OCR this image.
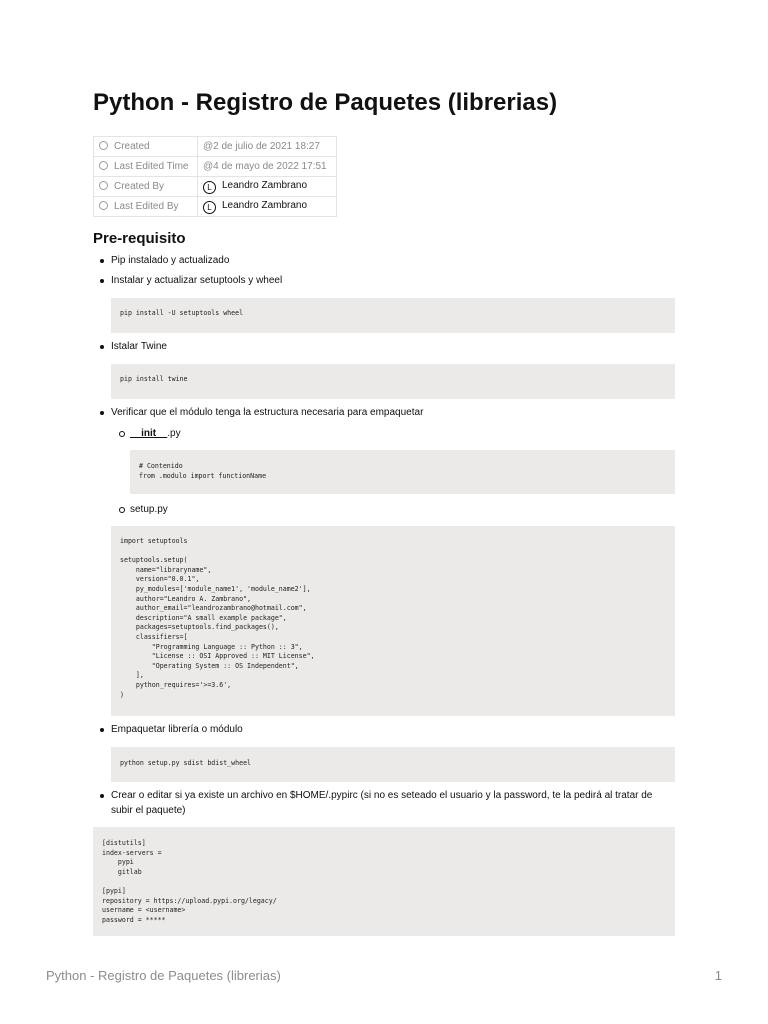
Python - Registro de Paquetes (librerias)
Created	@2 de julio de 2021 18:27
Last Edited Time	@4 de mayo de 2022 17:51
Created By	L Leandro Zambrano
Last Edited By	L Leandro Zambrano
Pre-requisito
Pip instalado y actualizado
Instalar y actualizar setuptools y wheel
pip install -U setuptools wheel
Istalar Twine
pip install twine
Verificar que el módulo tenga la estructura necesaria para empaquetar
__init__.py
# Contenido
from .modulo import functionName
setup.py
import setuptools

setuptools.setup(
name="libraryname",
version="0.0.1",
py_modules=['module_name1', 'module_name2'],
author="Leandro A. Zambrano",
author_email="leandrozambrano@hotmail.com",
description="A small example package",
packages=setuptools.find_packages(),
classifiers=[
"Programming Language :: Python :: 3",
"License :: OSI Approved :: MIT License",
"Operating System :: OS Independent",
],
python_requires='>=3.6',
)
Empaquetar librería o módulo
python setup.py sdist bdist_wheel
Crear o editar si ya existe un archivo en $HOME/.pypirc (si no es seteado el usuario y la password, te la pedirá al tratar de subir el paquete)
[distutils]
index-servers =
pypi
gitlab

[pypi]
repository = https://upload.pypi.org/legacy/
username = <username>
password = *****
Python - Registro de Paquetes (librerias)	1
